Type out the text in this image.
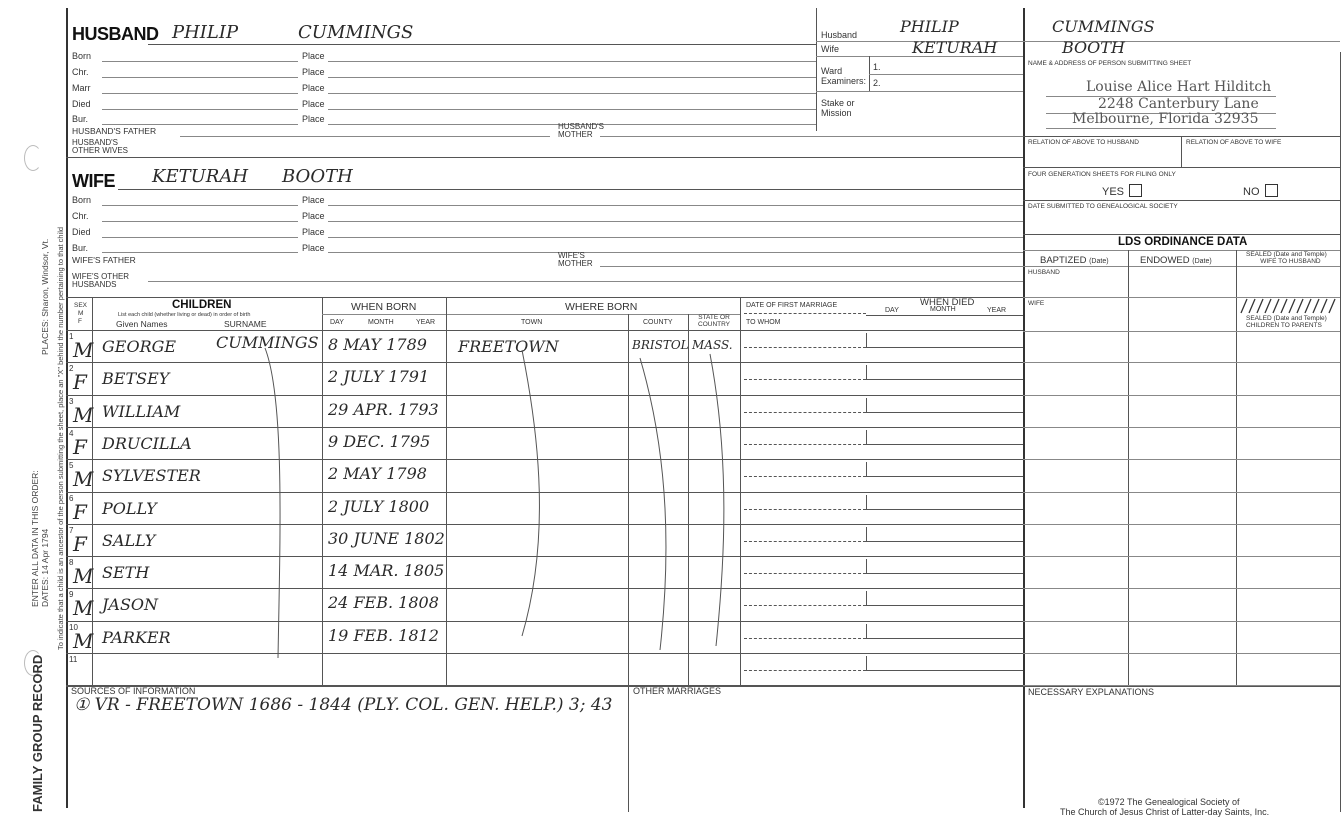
FAMILY GROUP RECORD
ENTER ALL DATA IN THIS ORDER: DATES: 14 Apr 1794
PLACES: Sharon, Windsor, Vt. To indicate that a child is an ancestor of the person submitting the sheet, place an "X" behind the number pertaining to that child
HUSBAND PHILIP	CUMMINGS
Born	Place
Chr.	Place
Marr	Place
Died	Place
Bur.	Place
HUSBAND'S FATHER	HUSBAND'S
MOTHER
HUSBAND'S
OTHER WIVES
WIFE KETURAH BOOTH
Born	Place
Chr.	Place
Died	Place
Bur.	Place
WIFE'S FATHER	WIFE'S
MOTHER
WIFE'S OTHER
HUSBANDS
Husband	PHILIP	CUMMINGS
Wife	KETURAH	BOOTH
Ward
Examiners:
1.
2.
Stake or
Mission
NAME & ADDRESS OF PERSON SUBMITTING SHEET
Louise Alice Hart Hilditch
2248 Canterbury Lane
Melbourne, Florida 32935
RELATION OF ABOVE TO HUSBAND	RELATION OF ABOVE TO WIFE
FOUR GENERATION SHEETS FOR FILING ONLY
YES	NO
DATE SUBMITTED TO GENEALOGICAL SOCIETY
LDS ORDINANCE DATA
BAPTIZED (Date)	ENDOWED (Date)
SEALED (Date and Temple)
WIFE TO HUSBAND
HUSBAND
WIFE
SEALED (Date and Temple)
CHILDREN TO PARENTS
SEX
M
F
CHILDREN
List each child (whether living or dead) in order of birth
Given Names	SURNAME
WHEN BORN
DAY	MONTH	YEAR
WHERE BORN
TOWN	COUNTY
STATE OR
COUNTRY
DATE OF FIRST MARRIAGE
TO WHOM
WHEN DIED
DAY	MONTH	YEAR
1
M GEORGE CUMMINGS 8 MAY 1789 FREETOWN	BRISTOL MASS.
2
F BETSEY	2 JULY 1791
3
M WILLIAM	29 APR. 1793
4
F DRUCILLA	9 DEC. 1795
5
M SYLVESTER	2 MAY 1798
6
F POLLY	2 JULY 1800
7
F SALLY	30 JUNE 1802
8
M SETH	14 MAR. 1805
9
M JASON	24 FEB. 1808
10
M PARKER	19 FEB. 1812
11
SOURCES OF INFORMATION
① VR - FREETOWN 1686 - 1844 (PLY. COL. GEN. HELP.) 3; 43
OTHER MARRIAGES	NECESSARY EXPLANATIONS
©1972 The Genealogical Society of
The Church of Jesus Christ of Latter-day Saints, Inc.
